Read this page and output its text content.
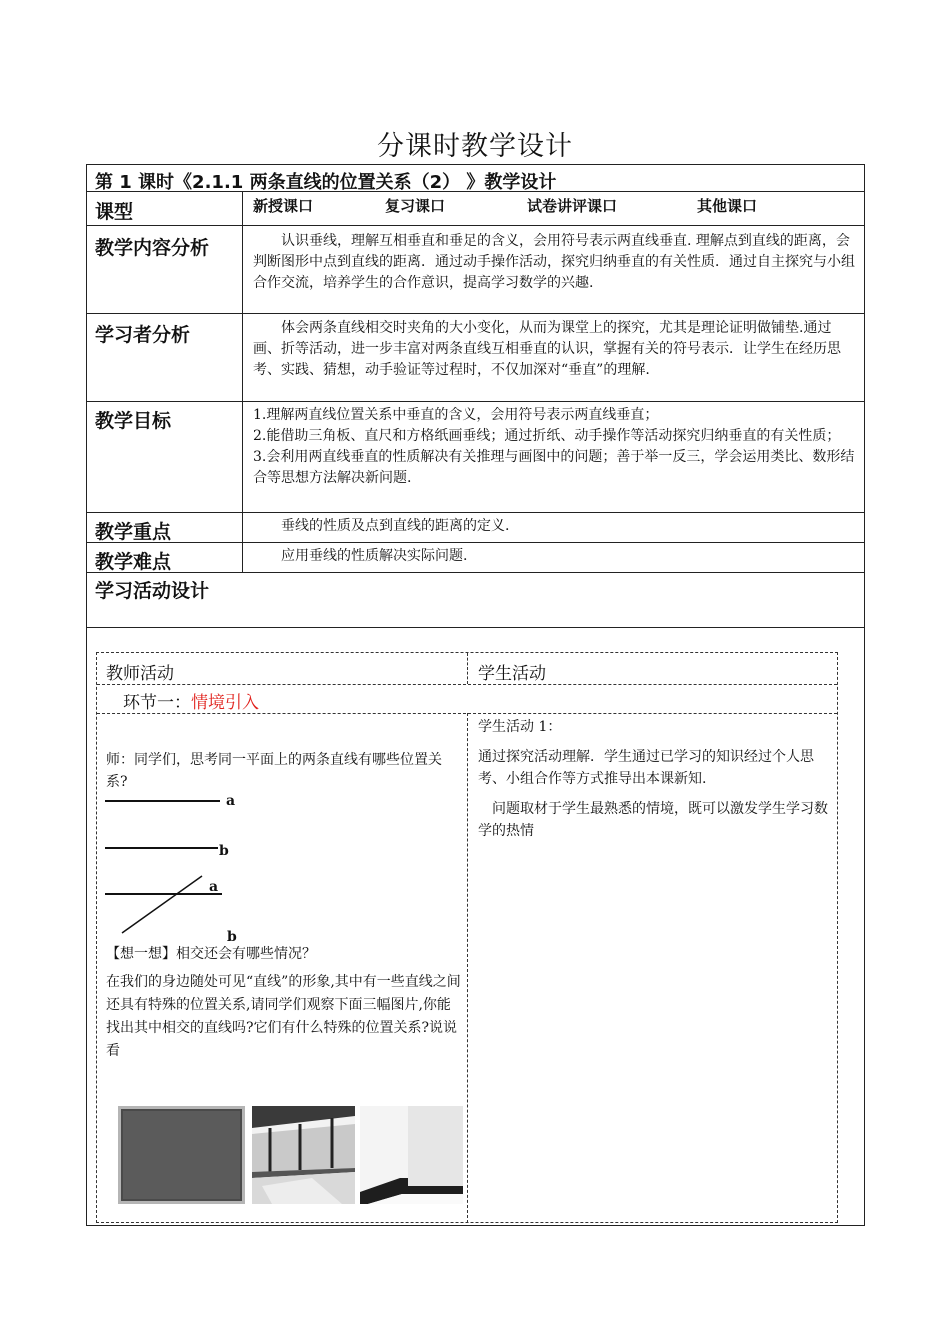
分课时教学设计
第 1 课时《2.1.1 两条直线的位置关系（2） 》教学设计
课型	新授课口	复习课口	试卷讲评课口	其他课口
教学内容分析	认识垂线，理解互相垂直和垂足的含义，会用符号表示两直线垂直. 理解点到直线的距离，会判断图形中点到直线的距离．通过动手操作活动，探究归纳垂直的有关性质．通过自主探究与小组合作交流，培养学生的合作意识，提高学习数学的兴趣.
学习者分析	体会两条直线相交时夹角的大小变化，从而为课堂上的探究，尤其是理论证明做铺垫.通过画、折等活动，进一步丰富对两条直线互相垂直的认识，掌握有关的符号表示．让学生在经历思考、实践、猜想，动手验证等过程时，不仅加深对“垂直”的理解.
教学目标	1.理解两直线位置关系中垂直的含义，会用符号表示两直线垂直；
2.能借助三角板、直尺和方格纸画垂线；通过折纸、动手操作等活动探究归纳垂直的有关性质；
3.会利用两直线垂直的性质解决有关推理与画图中的问题；善于举一反三，学会运用类比、数形结合等思想方法解决新问题.
教学重点	垂线的性质及点到直线的距离的定义.
教学难点	应用垂线的性质解决实际问题.
学习活动设计
教师活动	学生活动
环节一：情境引入
师：同学们，思考同一平面上的两条直线有哪些位置关系?
a
b
a
b
【想一想】相交还会有哪些情况？
在我们的身边随处可见“直线”的形象,其中有一些直线之间还具有特殊的位置关系,请同学们观察下面三幅图片,你能找出其中相交的直线吗?它们有什么特殊的位置关系?说说看
学生活动 1：
通过探究活动理解．学生通过已学习的知识经过个人思考、小组合作等方式推导出本课新知.
问题取材于学生最熟悉的情境，既可以激发学生学习数学的热情
